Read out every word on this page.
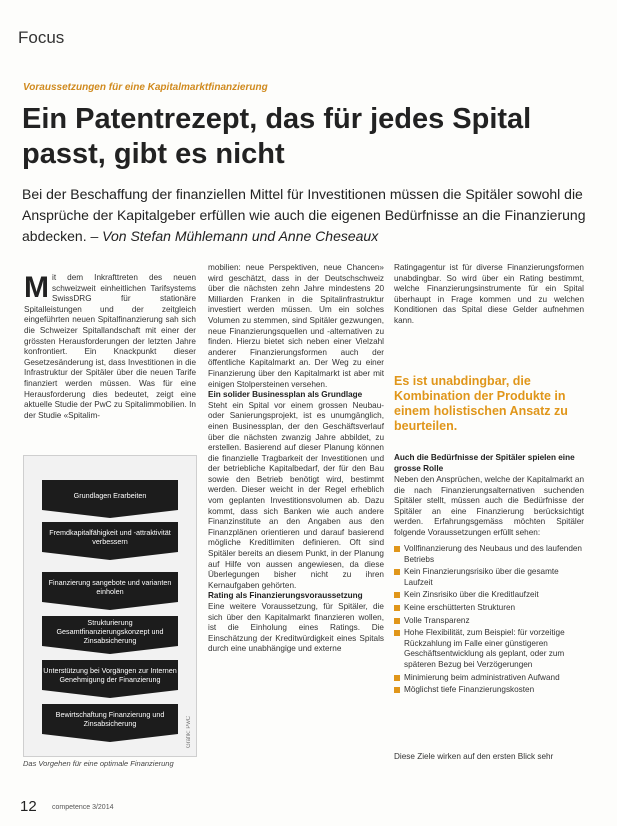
Focus
Voraussetzungen für eine Kapitalmarktfinanzierung
Ein Patentrezept, das für jedes Spital passt, gibt es nicht

Bei der Beschaffung der finanziellen Mittel für Investitionen müssen die Spitäler sowohl die Ansprüche der Kapitalgeber erfüllen wie auch die eigenen Bedürfnisse an die Finanzierung abdecken. – Von Stefan Mühlemann und Anne Cheseaux

M it dem Inkrafttreten des neuen schweizweit einheitlichen Tarifsystems SwissDRG für stationäre Spitalleistungen und der zeitgleich eingeführten neuen Spitalfinanzierung sah sich die Schweizer Spitallandschaft mit einer der grössten Herausforderungen der letzten Jahre konfrontiert. Ein Knackpunkt dieser Gesetzesänderung ist, dass Investitionen in die Infrastruktur der Spitäler über die neuen Tarife finanziert werden müssen. Was für eine Herausforderung dies bedeutet, zeigt eine aktuelle Studie der PwC zu Spitalimmobilien. In der Studie «Spitalim-
Grundlagen Erarbeiten
Fremdkapitalfähigkeit und -attraktivität verbessern
Finanzierung sangebote und varianten einholen
Strukturierung Gesamtfinanzierungskonzept und Zinsabsicherung
Unterstützung bei Vorgängen zur Internen Genehmigung der Finanzierung
Bewirtschaftung Finanzierung und Zinsabsicherung	Grafik: PwC
Das Vorgehen für eine optimale Finanzierung

mobilien: neue Perspektiven, neue Chancen» wird geschätzt, dass in der Deutschschweiz über die nächsten zehn Jahre mindestens 20 Milliarden Franken in die Spitalinfrastruktur investiert werden müssen. Um ein solches Volumen zu stemmen, sind Spitäler gezwungen, neue Finanzierungsquellen und -alternativen zu finden. Hierzu bietet sich neben einer Vielzahl anderer Finanzierungsformen auch der öffentliche Kapitalmarkt an. Der Weg zu einer Finanzierung über den Kapitalmarkt ist aber mit einigen Stolpersteinen versehen.

Ein solider Businessplan als Grundlage

Steht ein Spital vor einem grossen Neubau- oder Sanierungsprojekt, ist es unumgänglich, einen Businessplan, der den Geschäftsverlauf über die nächsten zwanzig Jahre abbildet, zu erstellen. Basierend auf dieser Planung können die finanzielle Tragbarkeit der Investitionen und der betriebliche Kapitalbedarf, der für den Bau sowie den Betrieb benötigt wird, bestimmt werden. Dieser weicht in der Regel erheblich vom geplanten Investitionsvolumen ab. Dazu kommt, dass sich Banken wie auch andere Finanzinstitute an den Angaben aus den Finanzplänen orientieren und darauf basierend mögliche Kreditlimiten definieren. Oft sind Spitäler bereits an diesem Punkt, in der Planung auf Hilfe von aussen angewiesen, da diese Überlegungen bisher nicht zu ihren Kernaufgaben gehörten.

Rating als Finanzierungsvoraussetzung

Eine weitere Voraussetzung, für Spitäler, die sich über den Kapitalmarkt finanzieren wollen, ist die Einholung eines Ratings. Die Einschätzung der Kreditwürdigkeit eines Spitals durch eine unabhängige und externe

Ratingagentur ist für diverse Finanzierungsformen unabdingbar. So wird über ein Rating bestimmt, welche Finanzierungsinstrumente für ein Spital überhaupt in Frage kommen und zu welchen Konditionen das Spital diese Gelder aufnehmen kann.
Es ist unabdingbar, die Kombination der Produkte in einem holistischen Ansatz zu beurteilen.
Auch die Bedürfnisse der Spitäler spielen eine grosse Rolle
Neben den Ansprüchen, welche der Kapitalmarkt an die nach Finanzierungsalternativen suchenden Spitäler stellt, müssen auch die Bedürfnisse der Spitäler an eine Finanzierung berücksichtigt werden. Erfahrungsgemäss möchten Spitäler folgende Voraussetzungen erfüllt sehen:
Vollfinanzierung des Neubaus und des laufenden Betriebs
Kein Finanzierungsrisiko über die gesamte Laufzeit
Kein Zinsrisiko über die Kreditlaufzeit
Keine erschütterten Strukturen
Volle Transparenz
Hohe Flexibilität, zum Beispiel: für vorzeitige Rückzahlung im Falle einer günstigeren Geschäftsentwicklung als geplant, oder zum späteren Bezug bei Verzögerungen
Minimierung beim administrativen Aufwand
Möglichst tiefe Finanzierungskosten
Diese Ziele wirken auf den ersten Blick sehr
12 competence 3/2014
